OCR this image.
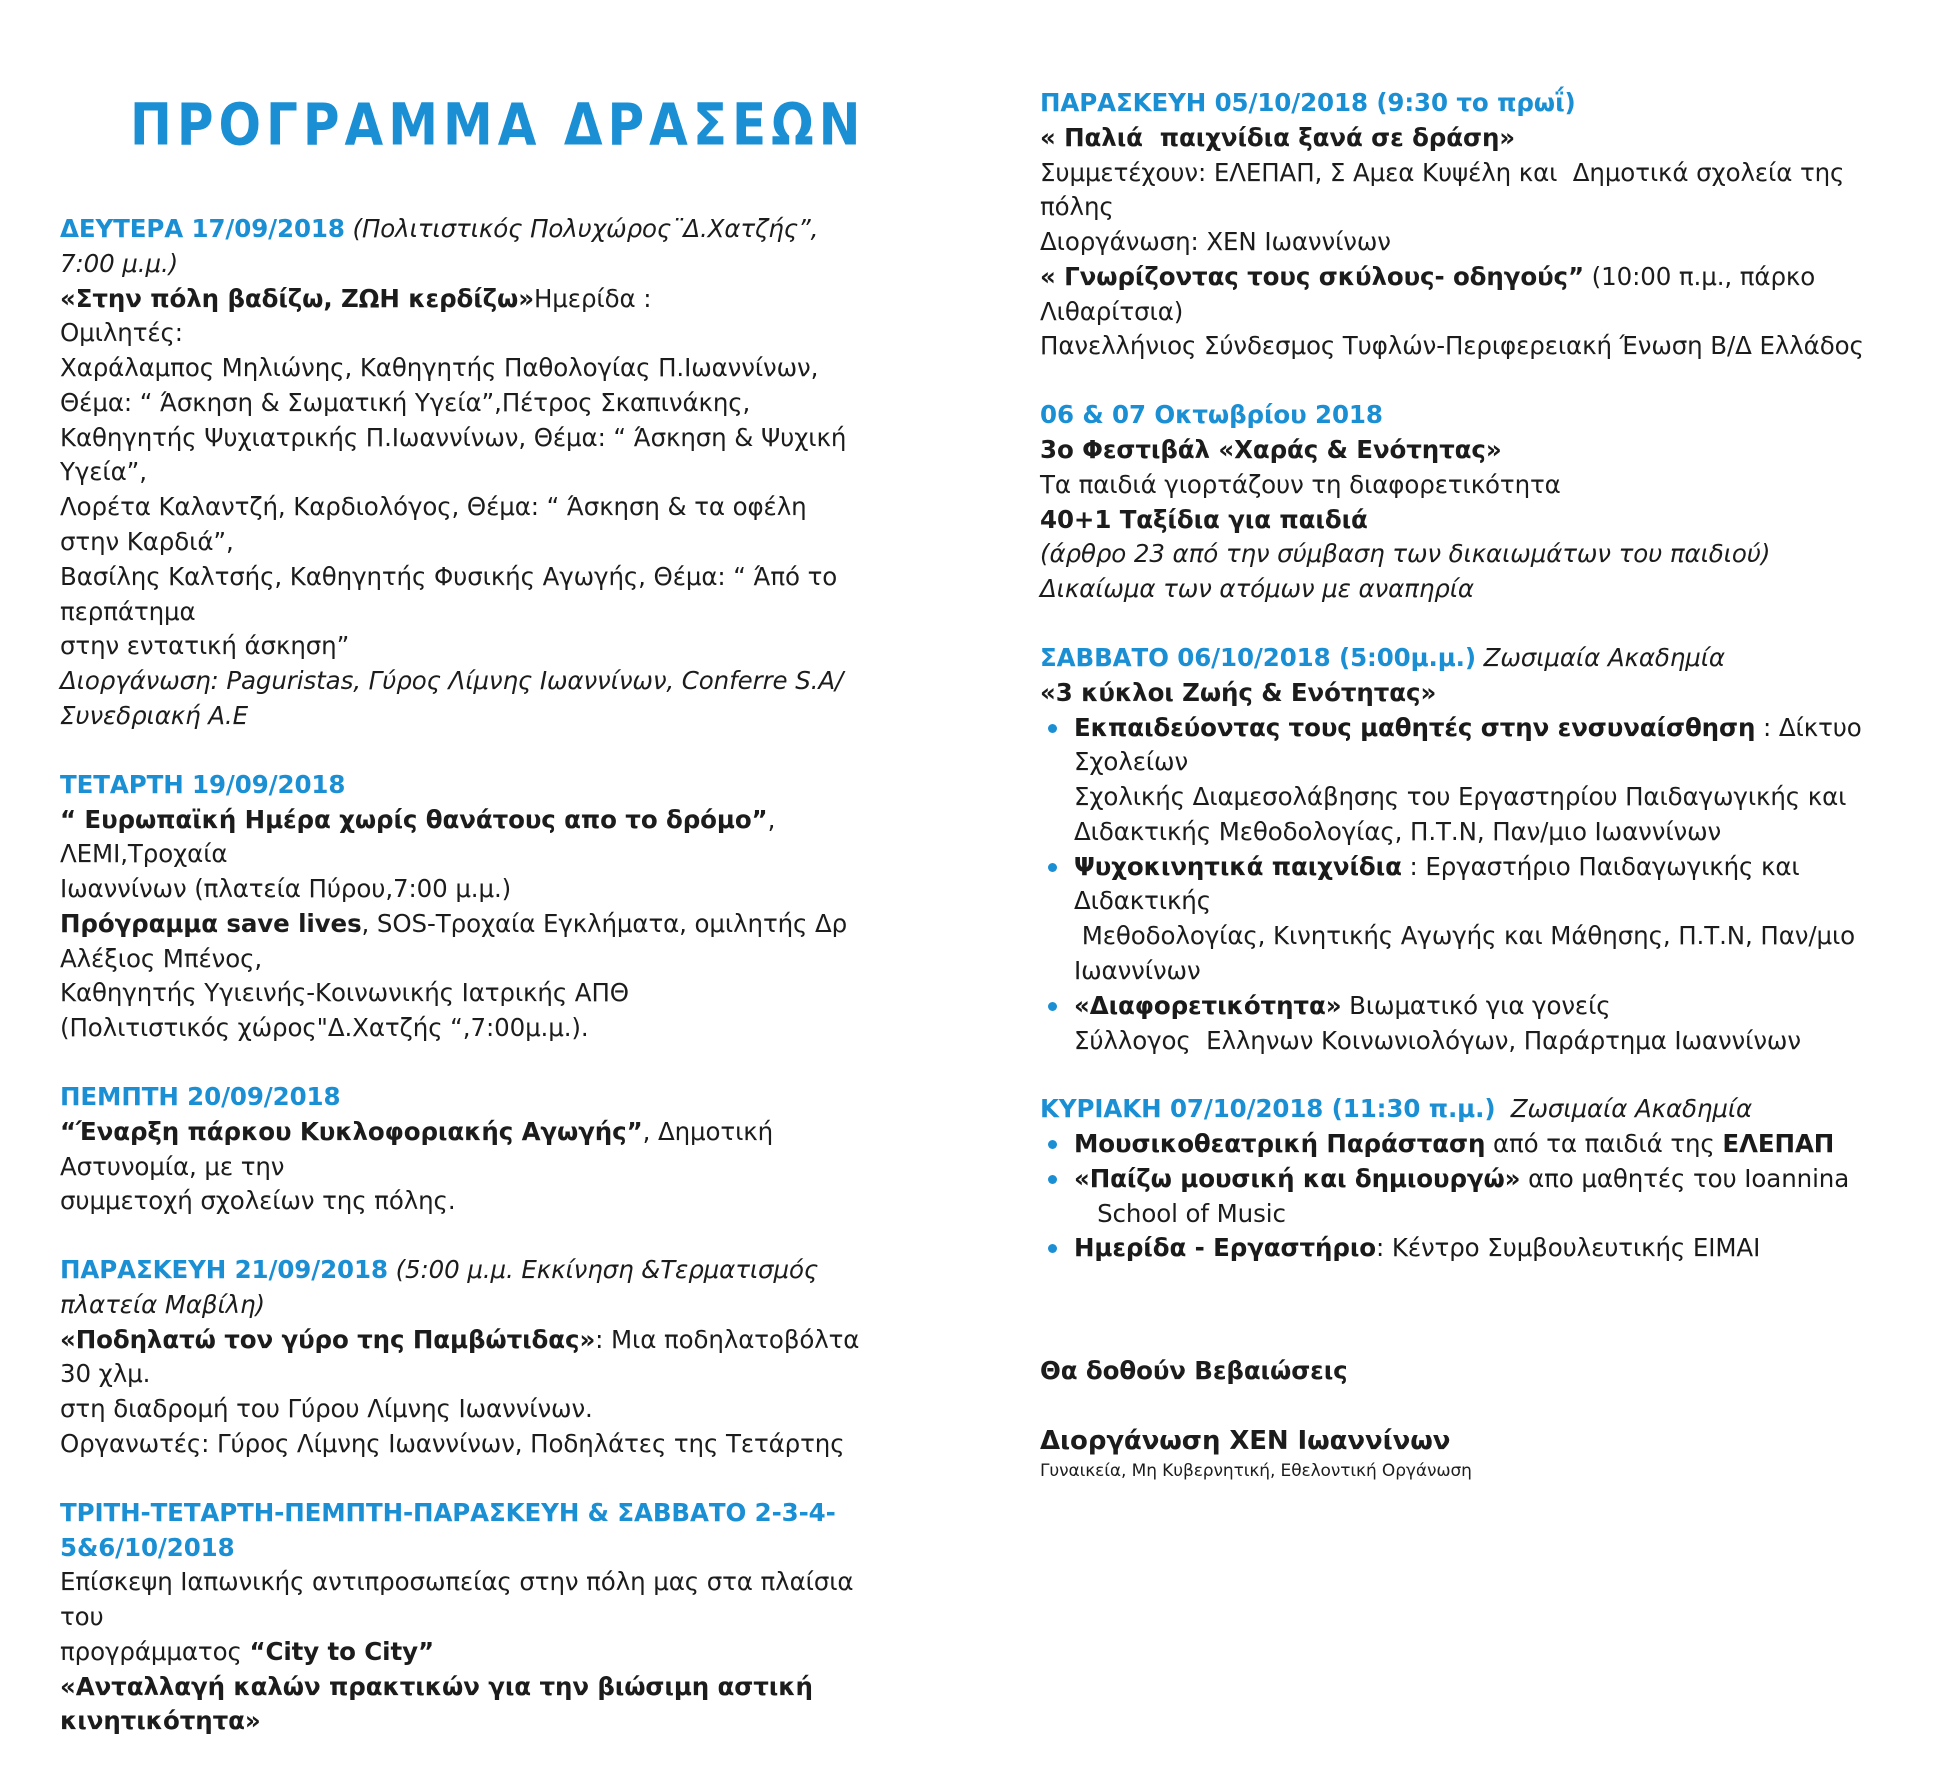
ΠΡΟΓΡΑΜΜΑ ΔΡΑΣΕΩΝ
ΔΕΥΤΕΡΑ 17/09/2018 (Πολιτιστικός Πολυχώρος¨Δ.Χατζής”, 7:00 μ.μ.)
«Στην πόλη βαδίζω, ΖΩΗ κερδίζω»Ημερίδα :
Ομιλητές:
Χαράλαμπος Μηλιώνης, Καθηγητής Παθολογίας Π.Ιωαννίνων,
Θέμα: “ Άσκηση & Σωματική Υγεία”,Πέτρος Σκαπινάκης,
Καθηγητής Ψυχιατρικής Π.Ιωαννίνων, Θέμα: “ Άσκηση & Ψυχική Υγεία”,
Λορέτα Καλαντζή, Καρδιολόγος, Θέμα: “ Άσκηση & τα οφέλη στην Καρδιά”,
Βασίλης Καλτσής, Καθηγητής Φυσικής Αγωγής, Θέμα: “ Άπό το περπάτημα
στην εντατική άσκηση”
Διοργάνωση: Paguristas, Γύρος Λίμνης Ιωαννίνων, Conferre S.A/Συνεδριακή Α.Ε
ΤΕΤΑΡΤΗ 19/09/2018
“ Ευρωπαϊκή Ημέρα χωρίς θανάτους απο το δρόμο”, ΛΕΜΙ,Τροχαία
Ιωαννίνων (πλατεία Πύρου,7:00 μ.μ.)
Πρόγραμμα save lives, SOS-Τροχαία Εγκλήματα, ομιλητής Δρ Αλέξιος Μπένος,
Καθηγητής Υγιεινής-Κοινωνικής Ιατρικής ΑΠΘ
(Πολιτιστικός χώρος"Δ.Χατζής “,7:00μ.μ.).
ΠΕΜΠΤΗ 20/09/2018
“Έναρξη πάρκου Κυκλοφοριακής Αγωγής”, Δημοτική Αστυνομία, με την
συμμετοχή σχολείων της πόλης.
ΠΑΡΑΣΚΕΥΗ 21/09/2018 (5:00 μ.μ. Εκκίνηση &Τερματισμός πλατεία Μαβίλη)
«Ποδηλατώ τον γύρο της Παμβώτιδας»: Μια ποδηλατοβόλτα 30 χλμ.
στη διαδρομή του Γύρου Λίμνης Ιωαννίνων.
Οργανωτές: Γύρος Λίμνης Ιωαννίνων, Ποδηλάτες της Τετάρτης
ΤΡΙΤΗ-ΤΕΤΑΡΤΗ-ΠΕΜΠΤΗ-ΠΑΡΑΣΚΕΥΗ & ΣΑΒΒΑΤΟ 2-3-4-5&6/10/2018
Επίσκεψη Ιαπωνικής αντιπροσωπείας στην πόλη μας στα πλαίσια του
προγράμματος “City to City”
«Ανταλλαγή καλών πρακτικών για την βιώσιμη αστική κινητικότητα»
ΠΑΡΑΣΚΕΥΗ 05/10/2018 (9:30 το πρωΐ)
« Παλιά  παιχνίδια ξανά σε δράση»
Συμμετέχουν: ΕΛΕΠΑΠ, Σ Αμεα Κυψέλη και  Δημοτικά σχολεία της πόλης
Διοργάνωση: ΧΕΝ Ιωαννίνων
« Γνωρίζοντας τους σκύλους- οδηγούς” (10:00 π.μ., πάρκο Λιθαρίτσια)
Πανελλήνιος Σύνδεσμος Τυφλών-Περιφερειακή Ένωση Β/Δ Ελλάδος
06 & 07 Οκτωβρίου 2018
3ο Φεστιβάλ «Χαράς & Ενότητας»
Τα παιδιά γιορτάζουν τη διαφορετικότητα
40+1 Ταξίδια για παιδιά
(άρθρο 23 από την σύμβαση των δικαιωμάτων του παιδιού)
Δικαίωμα των ατόμων με αναπηρία
ΣΑΒΒΑΤΟ 06/10/2018 (5:00μ.μ.) Ζωσιμαία Ακαδημία
«3 κύκλοι Ζωής & Ενότητας»
Εκπαιδεύοντας τους μαθητές στην ενσυναίσθηση : Δίκτυο Σχολείων
Σχολικής Διαμεσολάβησης του Εργαστηρίου Παιδαγωγικής και
Διδακτικής Μεθοδολογίας, Π.Τ.Ν, Παν/μιο Ιωαννίνων
Ψυχοκινητικά παιχνίδια : Εργαστήριο Παιδαγωγικής και Διδακτικής
Μεθοδολογίας, Κινητικής Αγωγής και Μάθησης, Π.Τ.Ν, Παν/μιο Ιωαννίνων
«Διαφορετικότητα» Βιωματικό για γονείς
Σύλλογος  Ελληνων Κοινωνιολόγων, Παράρτημα Ιωαννίνων
ΚΥΡΙΑΚΗ 07/10/2018 (11:30 π.μ.)  Ζωσιμαία Ακαδημία
Μουσικοθεατρική Παράσταση από τα παιδιά της ΕΛΕΠΑΠ
«Παίζω μουσική και δημιουργώ» απο μαθητές του Ioannina
School of Music
Ημερίδα - Εργαστήριο: Κέντρο Συμβουλευτικής ΕΙΜΑΙ
Θα δοθούν Βεβαιώσεις
Διοργάνωση ΧΕΝ Ιωαννίνων
Γυναικεία, Μη Κυβερνητική, Εθελοντική Οργάνωση
